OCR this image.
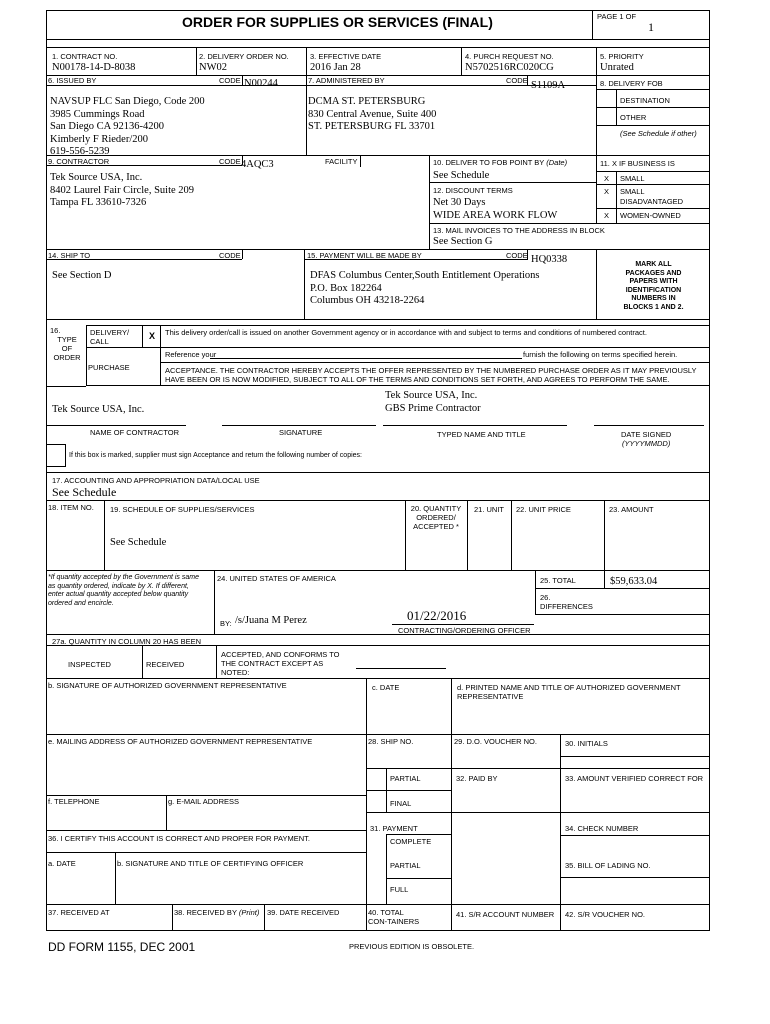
ORDER FOR SUPPLIES OR SERVICES (FINAL)	PAGE 1 OF
1
1. CONTRACT NO.
N00178-14-D-8038
2. DELIVERY ORDER NO.
NW02
3. EFFECTIVE DATE
2016 Jan 28
4. PURCH REQUEST NO.
N5702516RC020CG
5. PRIORITY
Unrated
6. ISSUED BY	CODE N00244
NAVSUP FLC San Diego, Code 200
3985 Cummings Road
San Diego CA 92136-4200
Kimberly F Rieder/200
619-556-5239
7. ADMINISTERED BY	CODE S1109A
DCMA ST. PETERSBURG
830 Central Avenue, Suite 400
ST. PETERSBURG FL 33701
8. DELIVERY FOB
DESTINATION
OTHER
(See Schedule if other)
9. CONTRACTOR	CODE 4AQC3	FACILITY
Tek Source USA, Inc.
8402 Laurel Fair Circle, Suite 209
Tampa FL 33610-7326
10. DELIVER TO FOB POINT BY (Date)
See Schedule
12. DISCOUNT TERMS
Net 30 Days
WIDE AREA WORK FLOW
13. MAIL INVOICES TO THE ADDRESS IN BLOCK
See Section G
11. X IF BUSINESS IS
X SMALL
X SMALL DISADVANTAGED
X WOMEN-OWNED
14. SHIP TO	CODE
See Section D
15. PAYMENT WILL BE MADE BY	CODE HQ0338
DFAS Columbus Center,South Entitlement Operations
P.O. Box 182264
Columbus OH 43218-2264
MARK ALL
PACKAGES AND
PAPERS WITH
IDENTIFICATION
NUMBERS IN
BLOCKS 1 AND 2.
16.
TYPE
OF
ORDER
DELIVERY/ CALL
X This delivery order/call is issued on another Government agency or in accordance with and subject to terms and conditions of numbered contract.
Reference your	furnish the following on terms specified herein.
PURCHASE	ACCEPTANCE. THE CONTRACTOR HEREBY ACCEPTS THE OFFER REPRESENTED BY THE NUMBERED PURCHASE ORDER AS IT MAY PREVIOUSLY
HAVE BEEN OR IS NOW MODIFIED, SUBJECT TO ALL OF THE TERMS AND CONDITIONS SET FORTH, AND AGREES TO PERFORM THE SAME.
Tek Source USA, Inc.
Tek Source USA, Inc.
GBS Prime Contractor
NAME OF CONTRACTOR	SIGNATURE	TYPED NAME AND TITLE	DATE SIGNED
(YYYYMMDD)
If this box is marked, supplier must sign Acceptance and return the following number of copies:
17. ACCOUNTING AND APPROPRIATION DATA/LOCAL USE
See Schedule
18. ITEM NO. 19. SCHEDULE OF SUPPLIES/SERVICES	20. QUANTITY
ORDERED/
ACCEPTED *
21. UNIT 22. UNIT PRICE	23. AMOUNT
See Schedule
*If quantity accepted by the Government is same
as quantity ordered, indicate by X. If different,
enter actual quantity accepted below quantity
ordered and encircle.
24. UNITED STATES OF AMERICA
BY: /s/Juana M Perez	01/22/2016
CONTRACTING/ORDERING OFFICER
25. TOTAL	$59,633.04
26.
DIFFERENCES
27a. QUANTITY IN COLUMN 20 HAS BEEN
INSPECTED	RECEIVED
ACCEPTED, AND CONFORMS TO
THE CONTRACT EXCEPT AS
NOTED:
b. SIGNATURE OF AUTHORIZED GOVERNMENT REPRESENTATIVE	c. DATE	d. PRINTED NAME AND TITLE OF AUTHORIZED GOVERNMENT
REPRESENTATIVE
e. MAILING ADDRESS OF AUTHORIZED GOVERNMENT REPRESENTATIVE	28. SHIP NO.	29. D.O. VOUCHER NO.	30. INITIALS
PARTIAL	32. PAID BY	33. AMOUNT VERIFIED CORRECT FOR
f. TELEPHONE	g. E-MAIL ADDRESS	FINAL
31. PAYMENT
COMPLETE
34. CHECK NUMBER
36. I CERTIFY THIS ACCOUNT IS CORRECT AND PROPER FOR PAYMENT.
a. DATE	b. SIGNATURE AND TITLE OF CERTIFYING OFFICER	PARTIAL	35. BILL OF LADING NO.
FULL
37. RECEIVED AT	38. RECEIVED BY (Print) 39. DATE RECEIVED	40. TOTAL
CON-TAINERS
41. S/R ACCOUNT NUMBER 42. S/R VOUCHER NO.
DD FORM 1155, DEC 2001	PREVIOUS EDITION IS OBSOLETE.
